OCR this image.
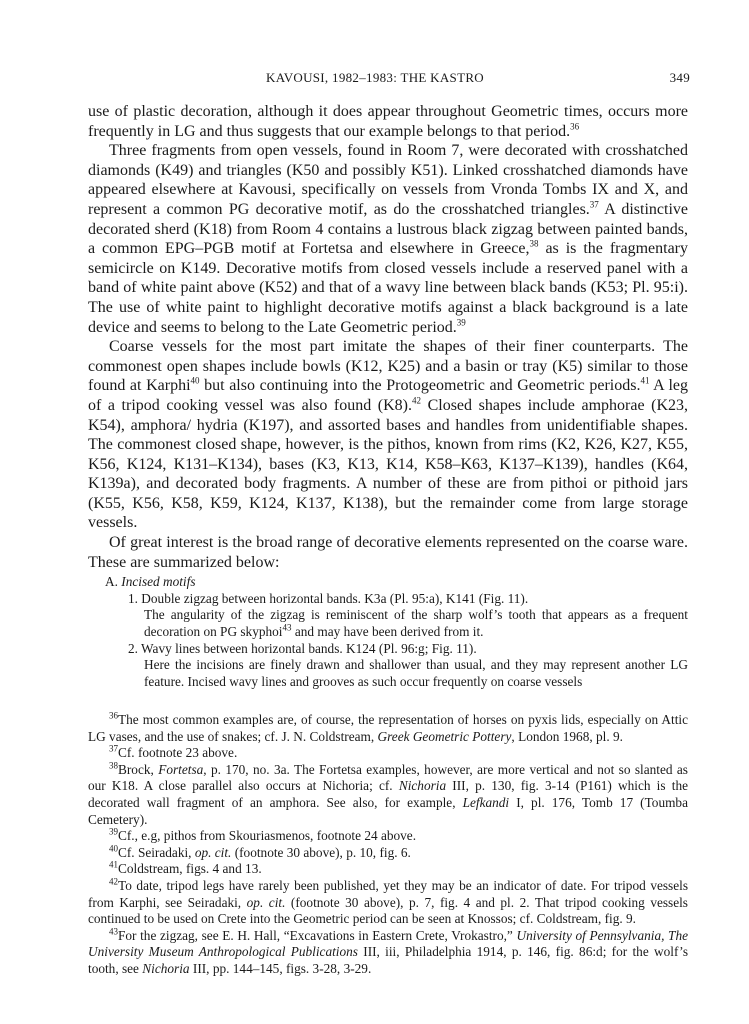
KAVOUSI, 1982–1983: THE KASTRO	349

use of plastic decoration, although it does appear throughout Geometric times, occurs more frequently in LG and thus suggests that our example belongs to that period.$^{36}$

Three fragments from open vessels, found in Room 7, were decorated with crosshatched diamonds (K49) and triangles (K50 and possibly K51). Linked crosshatched diamonds have appeared elsewhere at Kavousi, specifically on vessels from Vronda Tombs IX and X, and represent a common PG decorative motif, as do the crosshatched triangles.$^{37}$ A distinctive decorated sherd (K18) from Room 4 contains a lustrous black zigzag between painted bands, a common EPG–PGB motif at Fortetsa and elsewhere in Greece,$^{38}$ as is the fragmentary semicircle on K149. Decorative motifs from closed vessels include a reserved panel with a band of white paint above (K52) and that of a wavy line between black bands (K53; Pl. 95:i). The use of white paint to highlight decorative motifs against a black background is a late device and seems to belong to the Late Geometric period.$^{39}$

Coarse vessels for the most part imitate the shapes of their finer counterparts. The commonest open shapes include bowls (K12, K25) and a basin or tray (K5) similar to those found at Karphi$^{40}$ but also continuing into the Protogeometric and Geometric periods.$^{41}$ A leg of a tripod cooking vessel was also found (K8).$^{42}$ Closed shapes include amphorae (K23, K54), amphora/ hydria (K197), and assorted bases and handles from unidentifiable shapes. The commonest closed shape, however, is the pithos, known from rims (K2, K26, K27, K55, K56, K124, K131–K134), bases (K3, K13, K14, K58–K63, K137–K139), handles (K64, K139a), and decorated body fragments. A number of these are from pithoi or pithoid jars (K55, K56, K58, K59, K124, K137, K138), but the remainder come from large storage vessels.

Of great interest is the broad range of decorative elements represented on the coarse ware. These are summarized below:

A. Incised motifs
1. Double zigzag between horizontal bands. K3a (Pl. 95:a), K141 (Fig. 11).
The angularity of the zigzag is reminiscent of the sharp wolf’s tooth that appears as a frequent decoration on PG skyphoi$^{43}$ and may have been derived from it.
2. Wavy lines between horizontal bands. K124 (Pl. 96:g; Fig. 11).
Here the incisions are finely drawn and shallower than usual, and they may represent another LG feature. Incised wavy lines and grooves as such occur frequently on coarse vessels

$^{36}$The most common examples are, of course, the representation of horses on pyxis lids, especially on Attic LG vases, and the use of snakes; cf. J. N. Coldstream, Greek Geometric Pottery, London 1968, pl. 9.

$^{37}$Cf. footnote 23 above.

$^{38}$Brock, Fortetsa, p. 170, no. 3a. The Fortetsa examples, however, are more vertical and not so slanted as our K18. A close parallel also occurs at Nichoria; cf. Nichoria III, p. 130, fig. 3-14 (P161) which is the decorated wall fragment of an amphora. See also, for example, Lefkandi I, pl. 176, Tomb 17 (Toumba Cemetery).

$^{39}$Cf., e.g, pithos from Skouriasmenos, footnote 24 above.

$^{40}$Cf. Seiradaki, op. cit. (footnote 30 above), p. 10, fig. 6.

$^{41}$Coldstream, figs. 4 and 13.

$^{42}$To date, tripod legs have rarely been published, yet they may be an indicator of date. For tripod vessels from Karphi, see Seiradaki, op. cit. (footnote 30 above), p. 7, fig. 4 and pl. 2. That tripod cooking vessels continued to be used on Crete into the Geometric period can be seen at Knossos; cf. Coldstream, fig. 9.

$^{43}$For the zigzag, see E. H. Hall, “Excavations in Eastern Crete, Vrokastro,” University of Pennsylvania, The University Museum Anthropological Publications III, iii, Philadelphia 1914, p. 146, fig. 86:d; for the wolf’s tooth, see Nichoria III, pp. 144–145, figs. 3-28, 3-29.
